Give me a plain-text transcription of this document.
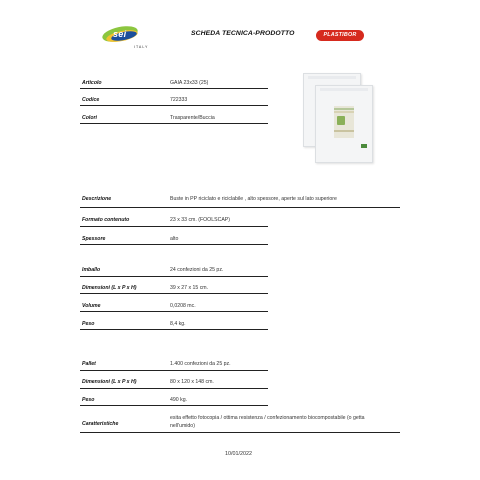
sei
ITALY
SCHEDA TECNICA-PRODOTTO	PLASTIBOR
Articolo	GAIA 23x33 (25)
Codice	722333
Colori	Trasparente/Buccia
Descrizione	Buste in PP riciclato e riciclabile , alto spessore, aperte sul lato superiore
Formato contenuto	23 x 33 cm. (FOOLSCAP)
Spessore	alto
Imballo	24 confezioni da 25 pz.
Dimensioni (L x P x H)	39 x 27 x 15 cm.
Volume	0,0208 mc.
Peso	8,4 kg.
Pallet	1.400 confezioni da 25 pz.
Dimensioni (L x P x H)	80 x 120 x 148 cm.
Peso	490 kg.
Caratteristiche
esita effetto fotocopia / ottima resistenza / confezionamento biocompostabile (o getta
nell'umido)
10/01/2022
